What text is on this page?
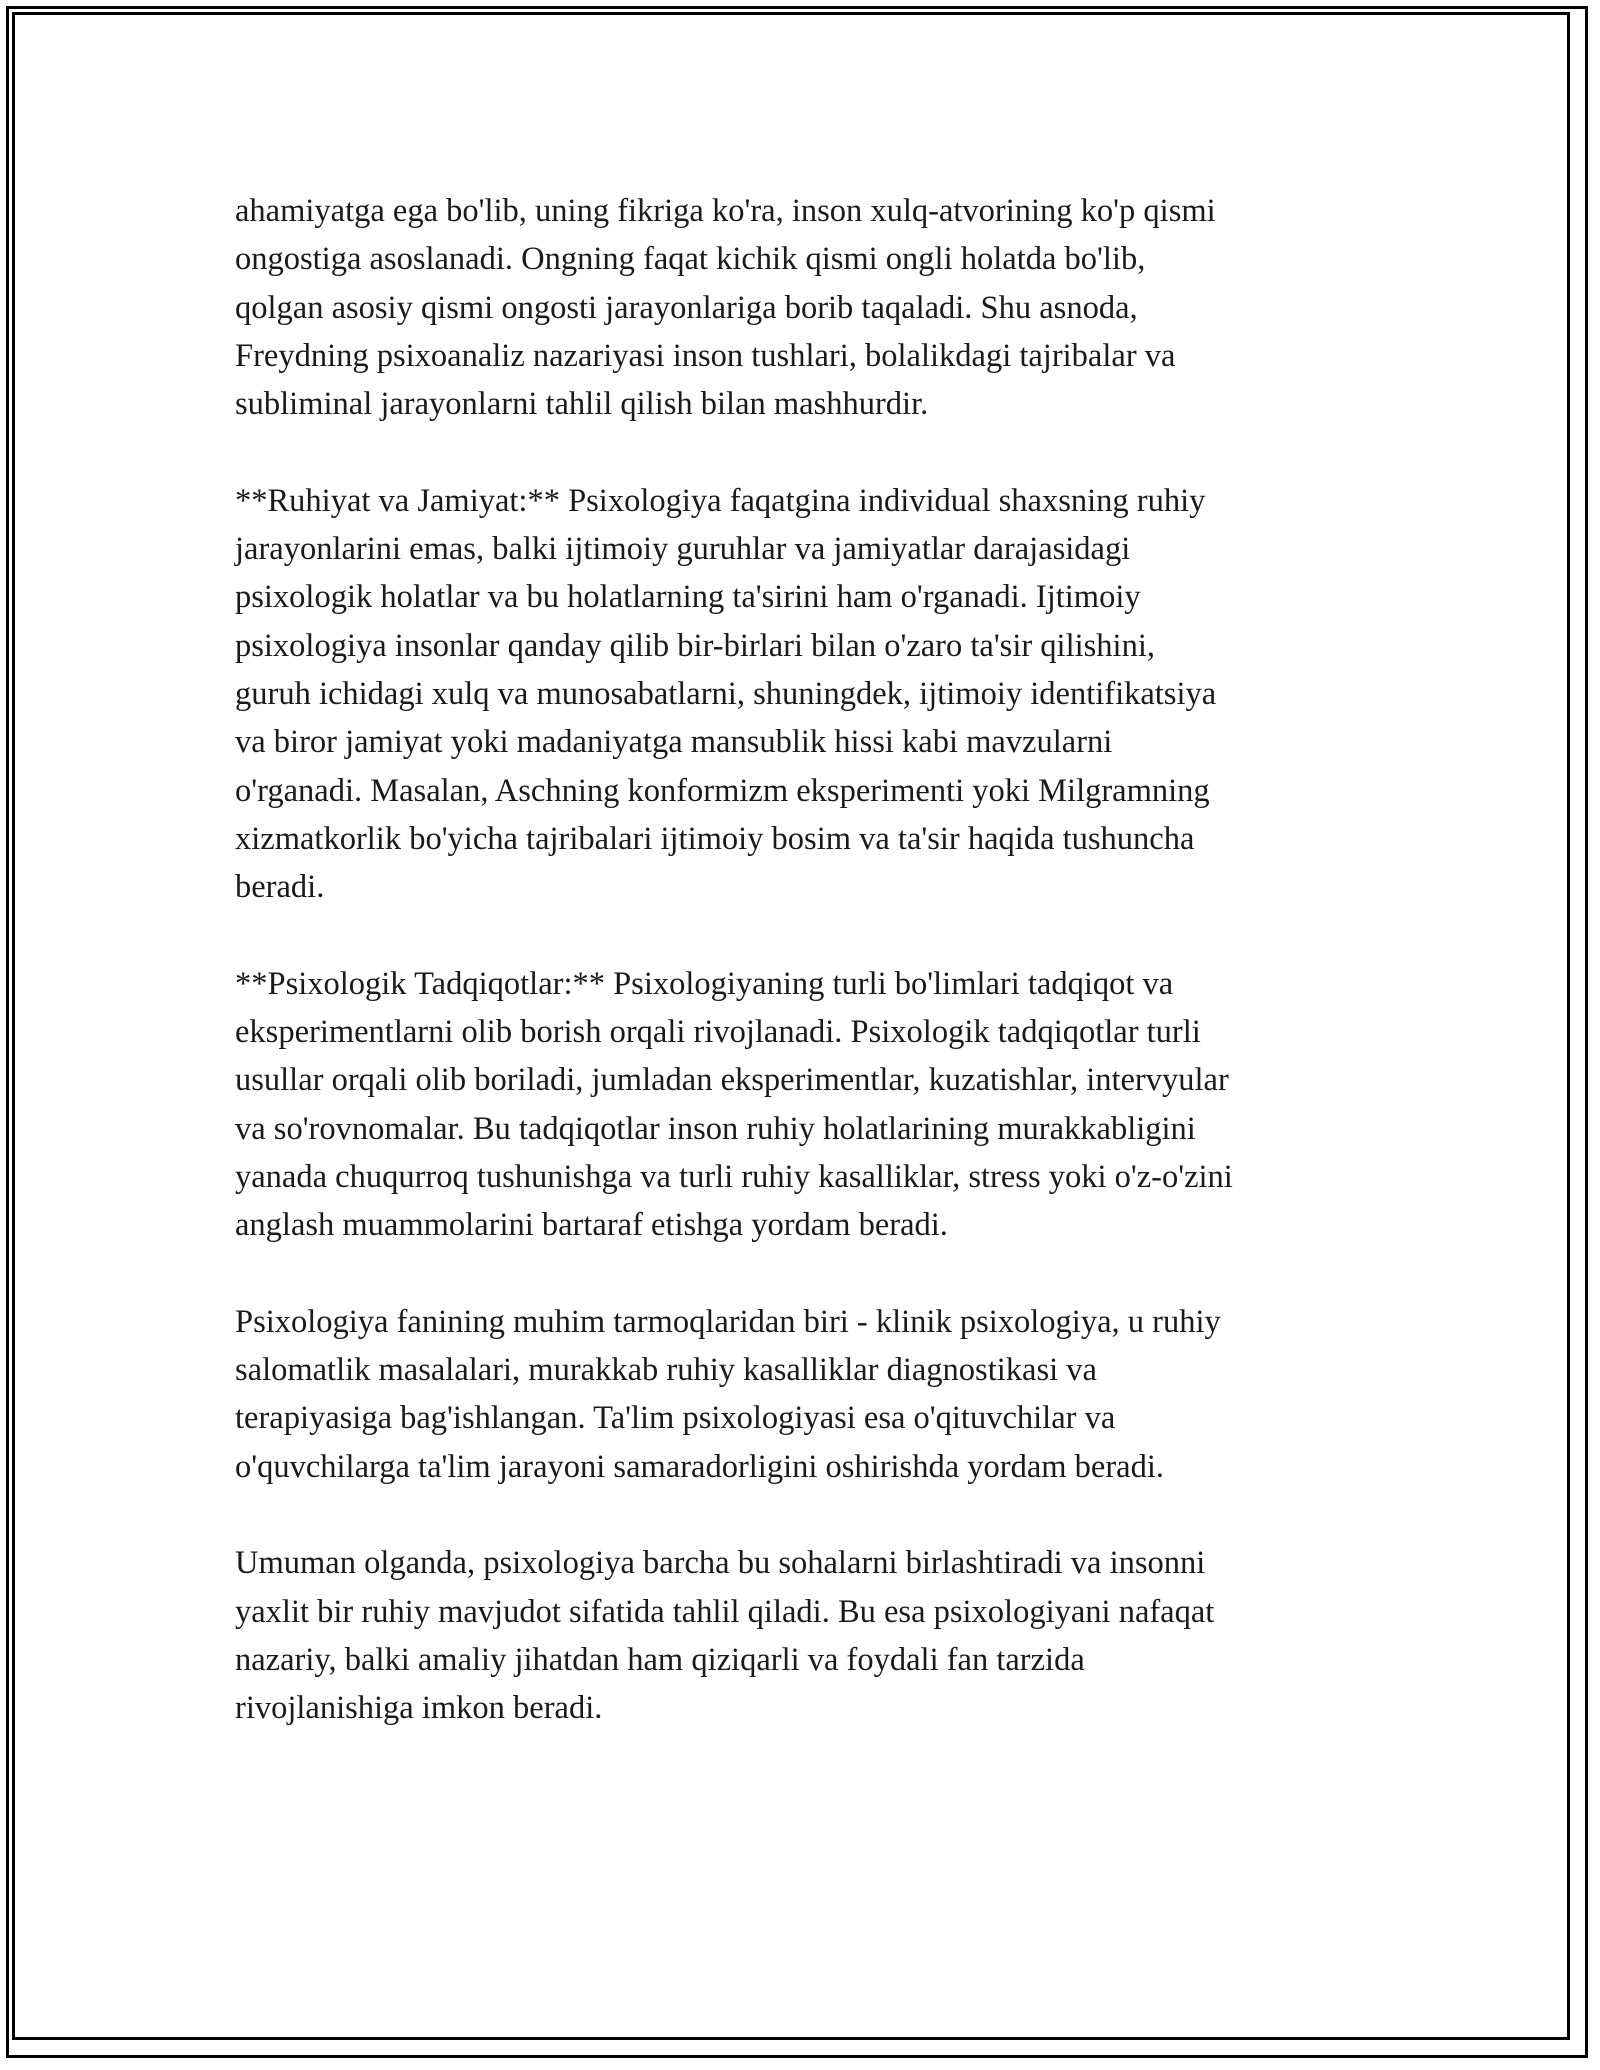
ahamiyatga ega bo'lib, uning fikriga ko'ra, inson xulq-atvorining ko'p qismi
ongostiga asoslanadi. Ongning faqat kichik qismi ongli holatda bo'lib,
qolgan asosiy qismi ongosti jarayonlariga borib taqaladi. Shu asnoda,
Freydning psixoanaliz nazariyasi inson tushlari, bolalikdagi tajribalar va
subliminal jarayonlarni tahlil qilish bilan mashhurdir.

**Ruhiyat va Jamiyat:** Psixologiya faqatgina individual shaxsning ruhiy
jarayonlarini emas, balki ijtimoiy guruhlar va jamiyatlar darajasidagi
psixologik holatlar va bu holatlarning ta'sirini ham o'rganadi. Ijtimoiy
psixologiya insonlar qanday qilib bir-birlari bilan o'zaro ta'sir qilishini,
guruh ichidagi xulq va munosabatlarni, shuningdek, ijtimoiy identifikatsiya
va biror jamiyat yoki madaniyatga mansublik hissi kabi mavzularni
o'rganadi. Masalan, Aschning konformizm eksperimenti yoki Milgramning
xizmatkorlik bo'yicha tajribalari ijtimoiy bosim va ta'sir haqida tushuncha
beradi.

**Psixologik Tadqiqotlar:** Psixologiyaning turli bo'limlari tadqiqot va
eksperimentlarni olib borish orqali rivojlanadi. Psixologik tadqiqotlar turli
usullar orqali olib boriladi, jumladan eksperimentlar, kuzatishlar, intervyular
va so'rovnomalar. Bu tadqiqotlar inson ruhiy holatlarining murakkabligini
yanada chuqurroq tushunishga va turli ruhiy kasalliklar, stress yoki o'z-o'zini
anglash muammolarini bartaraf etishga yordam beradi.

Psixologiya fanining muhim tarmoqlaridan biri - klinik psixologiya, u ruhiy
salomatlik masalalari, murakkab ruhiy kasalliklar diagnostikasi va
terapiyasiga bag'ishlangan. Ta'lim psixologiyasi esa o'qituvchilar va
o'quvchilarga ta'lim jarayoni samaradorligini oshirishda yordam beradi.

Umuman olganda, psixologiya barcha bu sohalarni birlashtiradi va insonni
yaxlit bir ruhiy mavjudot sifatida tahlil qiladi. Bu esa psixologiyani nafaqat
nazariy, balki amaliy jihatdan ham qiziqarli va foydali fan tarzida
rivojlanishiga imkon beradi.
